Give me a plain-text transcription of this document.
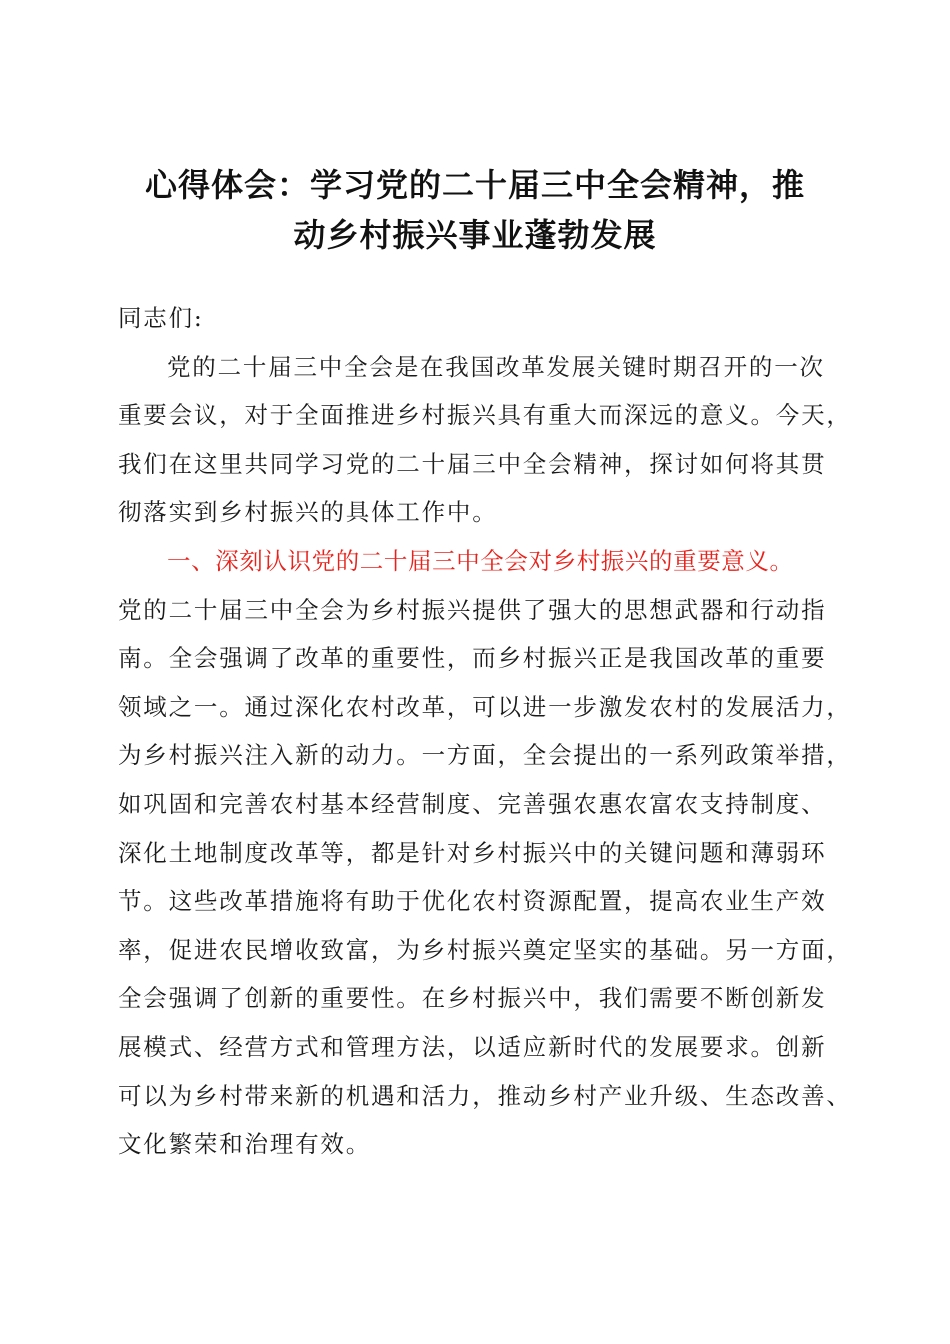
心得体会：学习党的二十届三中全会精神，推
动乡村振兴事业蓬勃发展

同志们:

党的二十届三中全会是在我国改革发展关键时期召开的一次
重要会议，对于全面推进乡村振兴具有重大而深远的意义。今天，
我们在这里共同学习党的二十届三中全会精神，探讨如何将其贯
彻落实到乡村振兴的具体工作中。

一、深刻认识党的二十届三中全会对乡村振兴的重要意义。

党的二十届三中全会为乡村振兴提供了强大的思想武器和行动指
南。全会强调了改革的重要性，而乡村振兴正是我国改革的重要
领域之一。通过深化农村改革，可以进一步激发农村的发展活力，
为乡村振兴注入新的动力。一方面，全会提出的一系列政策举措，
如巩固和完善农村基本经营制度、完善强农惠农富农支持制度、
深化土地制度改革等，都是针对乡村振兴中的关键问题和薄弱环
节。这些改革措施将有助于优化农村资源配置，提高农业生产效
率，促进农民增收致富，为乡村振兴奠定坚实的基础。另一方面，
全会强调了创新的重要性。在乡村振兴中，我们需要不断创新发
展模式、经营方式和管理方法，以适应新时代的发展要求。创新
可以为乡村带来新的机遇和活力，推动乡村产业升级、生态改善、
文化繁荣和治理有效。
